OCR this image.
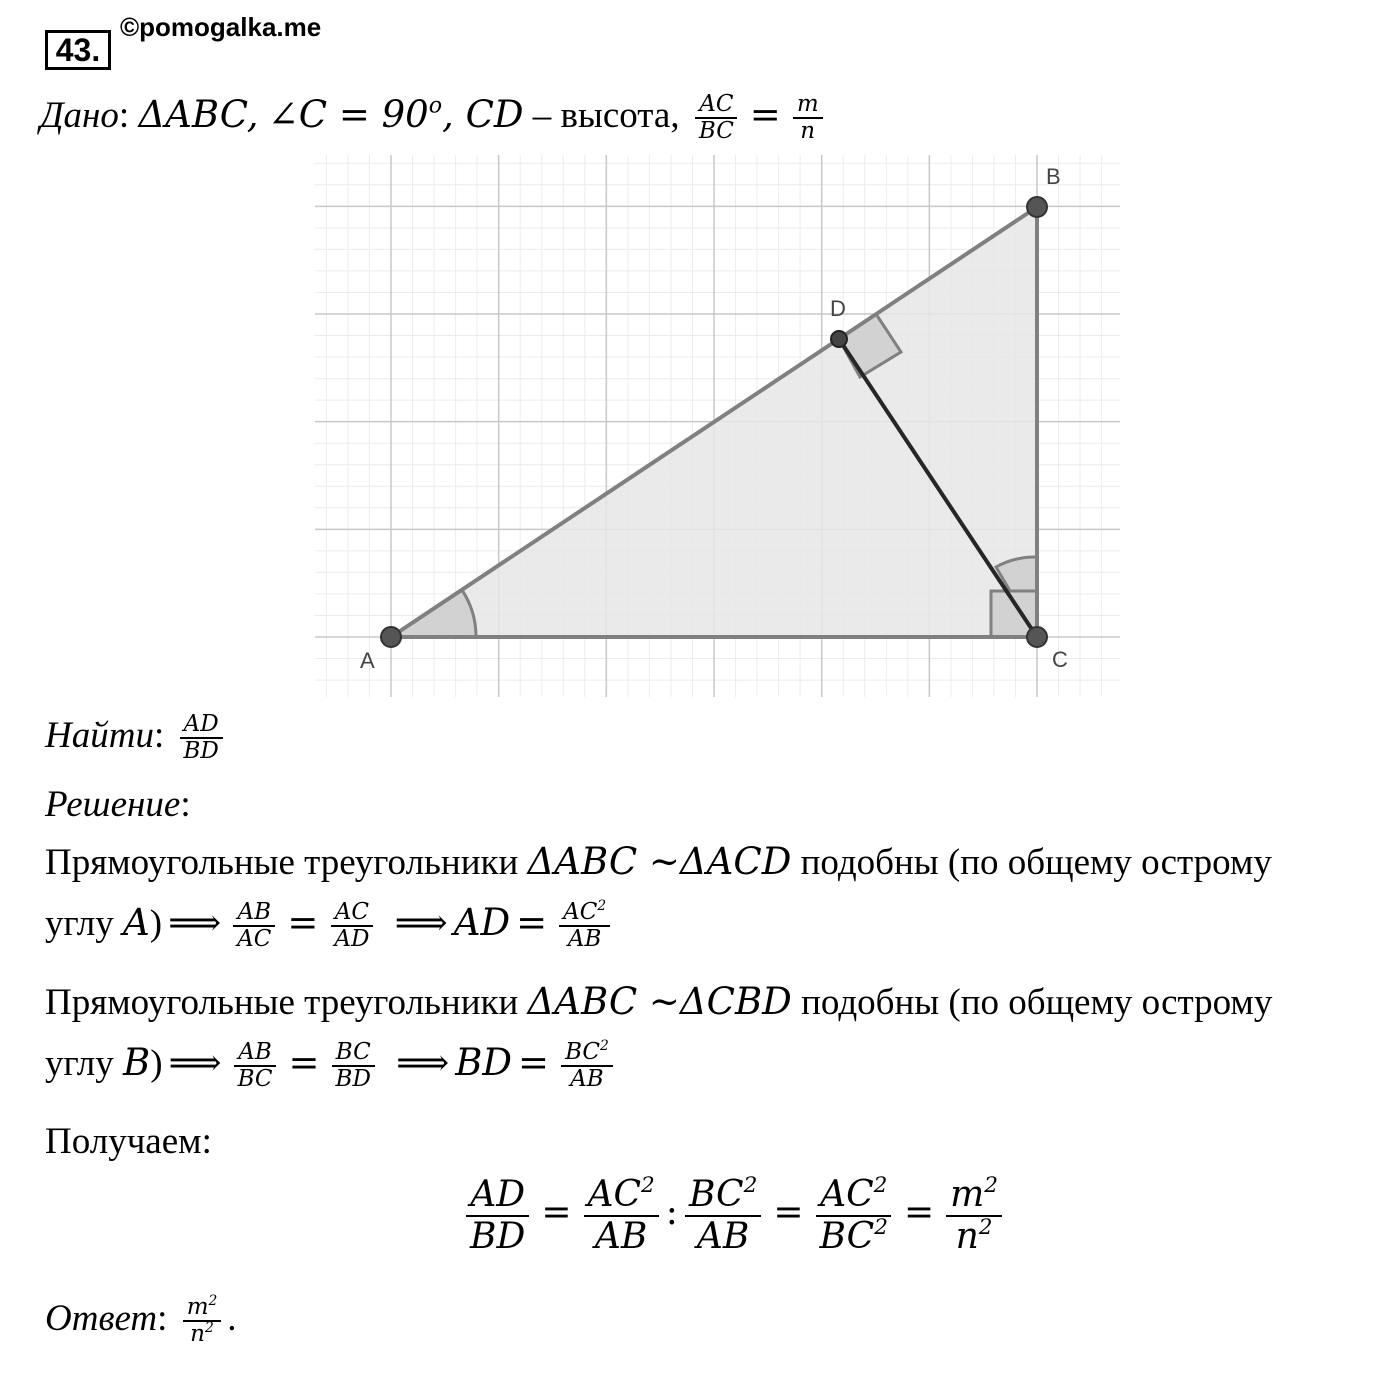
43.
©pomogalka.me
Дано: ΔABC, ∠C = $90^o$, CD – высота, $\frac{AC}{BC} = \frac{m}{n}$
A
B
C
D
Найти: $\frac{AD}{BD}$
Решение:
Прямоугольные треугольники ΔABC ~ΔACD подобны (по общему острому
углу A) ⟹ $\frac{AB}{AC} = \frac{AC}{AD}$ ⟹ AD = $\frac{AC^2}{AB}$
Прямоугольные треугольники ΔABC ~ΔCBD подобны (по общему острому
углу B) ⟹ $\frac{AB}{BC} = \frac{BC}{BD}$ ⟹ BD = $\frac{BC^2}{AB}$
Получаем:
$\frac{AD}{BD} = \frac{AC^2}{AB}$ : $\frac{BC^2}{AB} = \frac{AC^2}{BC^2} = \frac{m^2}{n^2}$
Ответ: $\frac{m^2}{n^2}$ .
